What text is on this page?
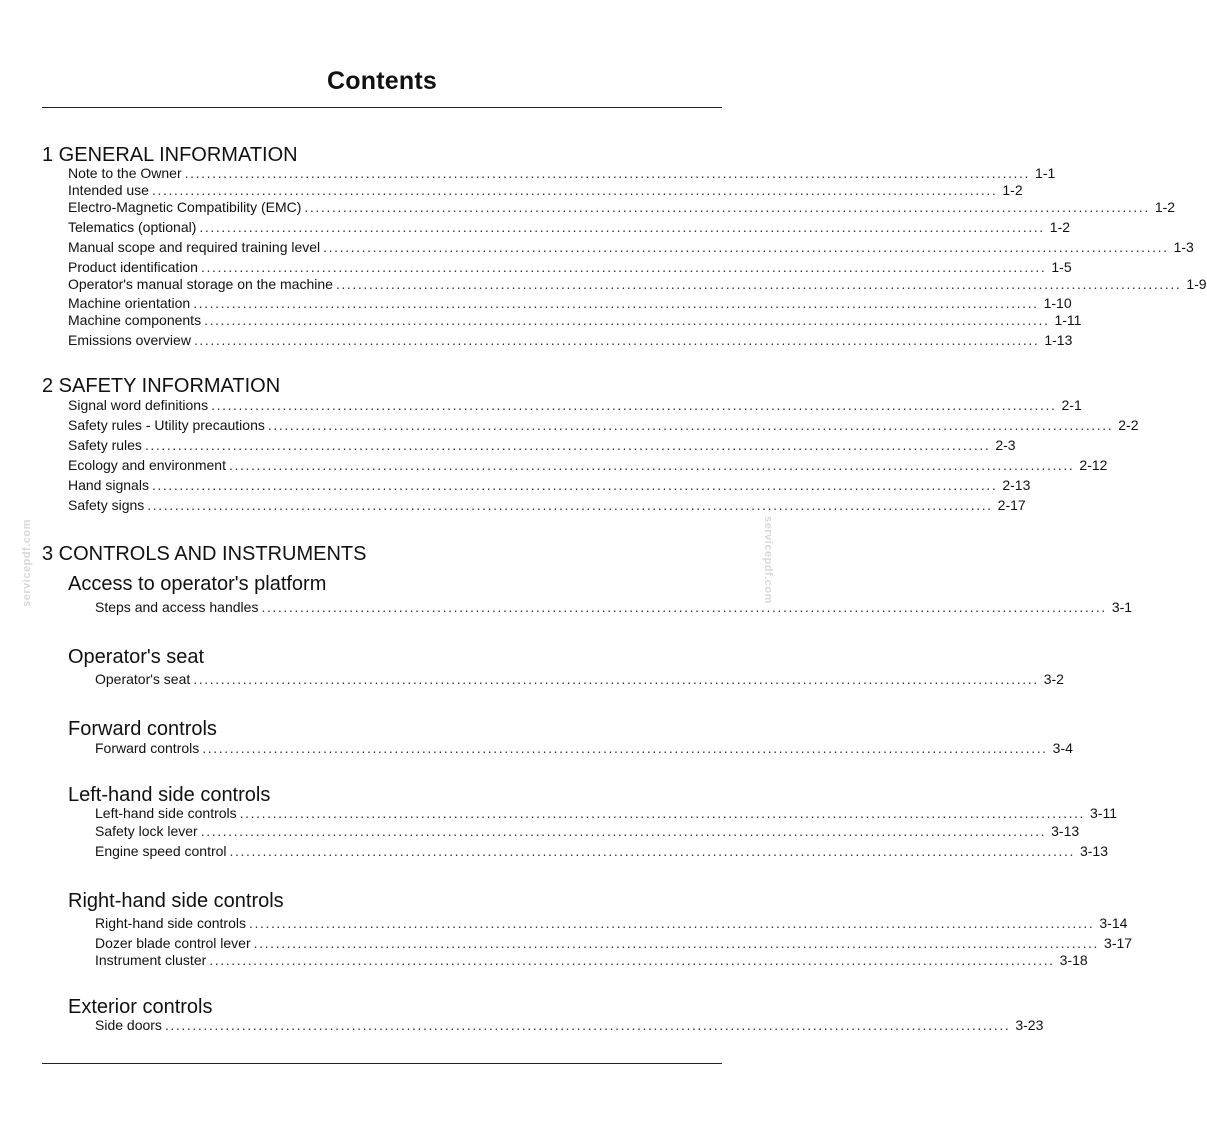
Contents
servicepdf.com	servicepdf.com
1 GENERAL INFORMATION
Note to the Owner .......................................................................................................................................................... 1-1
Intended use .......................................................................................................................................................... 1-2
Electro-Magnetic Compatibility (EMC) .......................................................................................................................................................... 1-2
Telematics (optional) .......................................................................................................................................................... 1-2
Manual scope and required training level .......................................................................................................................................................... 1-3
Product identification .......................................................................................................................................................... 1-5
Operator's manual storage on the machine .......................................................................................................................................................... 1-9
Machine orientation .......................................................................................................................................................... 1-10
Machine components .......................................................................................................................................................... 1-11
Emissions overview .......................................................................................................................................................... 1-13
2 SAFETY INFORMATION
Signal word definitions .......................................................................................................................................................... 2-1
Safety rules - Utility precautions .......................................................................................................................................................... 2-2
Safety rules .......................................................................................................................................................... 2-3
Ecology and environment .......................................................................................................................................................... 2-12
Hand signals .......................................................................................................................................................... 2-13
Safety signs .......................................................................................................................................................... 2-17
3 CONTROLS AND INSTRUMENTS
Access to operator's platform
Steps and access handles .......................................................................................................................................................... 3-1
Operator's seat
Operator's seat .......................................................................................................................................................... 3-2
Forward controls
Forward controls .......................................................................................................................................................... 3-4
Left-hand side controls
Left-hand side controls .......................................................................................................................................................... 3-11
Safety lock lever .......................................................................................................................................................... 3-13
Engine speed control .......................................................................................................................................................... 3-13
Right-hand side controls
Right-hand side controls .......................................................................................................................................................... 3-14
Dozer blade control lever .......................................................................................................................................................... 3-17
Instrument cluster .......................................................................................................................................................... 3-18
Exterior controls
Side doors .......................................................................................................................................................... 3-23
